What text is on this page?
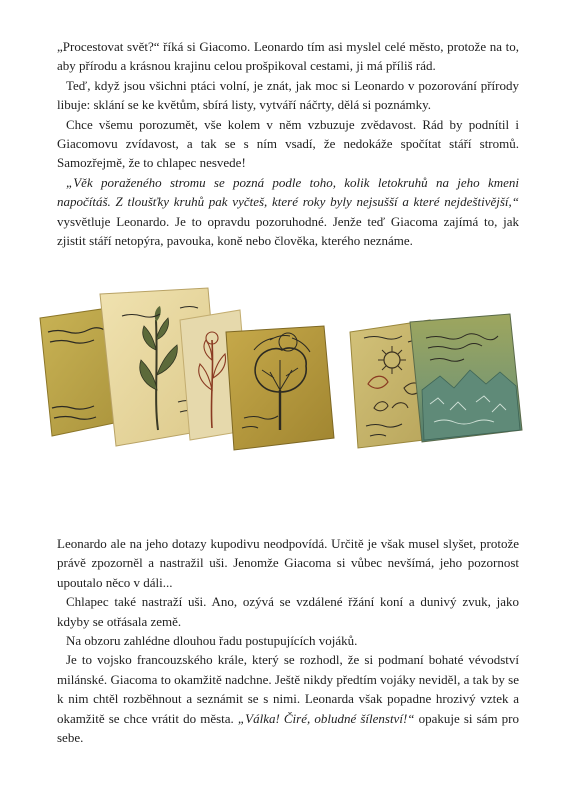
„Procestovat svět?“ říká si Giacomo. Leonardo tím asi myslel celé město, protože na to, aby přírodu a krásnou krajinu celou prošpikoval cestami, ji má příliš rád.

Teď, když jsou všichni ptáci volní, je znát, jak moc si Leonardo v pozorování přírody libuje: sklání se ke květům, sbírá listy, vytváří náčrty, dělá si poznámky.

Chce všemu porozumět, vše kolem v něm vzbuzuje zvědavost. Rád by podnítil i Giacomovu zvídavost, a tak se s ním vsadí, že nedokáže spočítat stáří stromů. Samozřejmě, že to chlapec nesvede!

„Věk poraženého stromu se pozná podle toho, kolik letokruhů na jeho kmeni napočítáš. Z tloušťky kruhů pak vyčteš, které roky byly nejsušší a které nejdeštivější,“ vysvětluje Leonardo. Je to opravdu pozoruhodné. Jenže teď Giacoma zajímá to, jak zjistit stáří netopýra, pavouka, koně nebo člověka, kterého neznáme.

Leonardo ale na jeho dotazy kupodivu neodpovídá. Určitě je však musel slyšet, protože právě zpozorněl a nastražil uši. Jenomže Giacoma si vůbec nevšímá, jeho pozornost upoutalo něco v dáli...

Chlapec také nastraží uši. Ano, ozývá se vzdálené řžání koní a dunivý zvuk, jako kdyby se otřásala země.

Na obzoru zahlédne dlouhou řadu postupujících vojáků.

Je to vojsko francouzského krále, který se rozhodl, že si podmaní bohaté vévodství milánské. Giacoma to okamžitě nadchne. Ještě nikdy předtím vojáky neviděl, a tak by se k nim chtěl rozběhnout a seznámit se s nimi. Leonarda však popadne hrozivý vztek a okamžitě se chce vrátit do města. „Válka! Čiré, obludné šílenství!“ opakuje si sám pro sebe.
